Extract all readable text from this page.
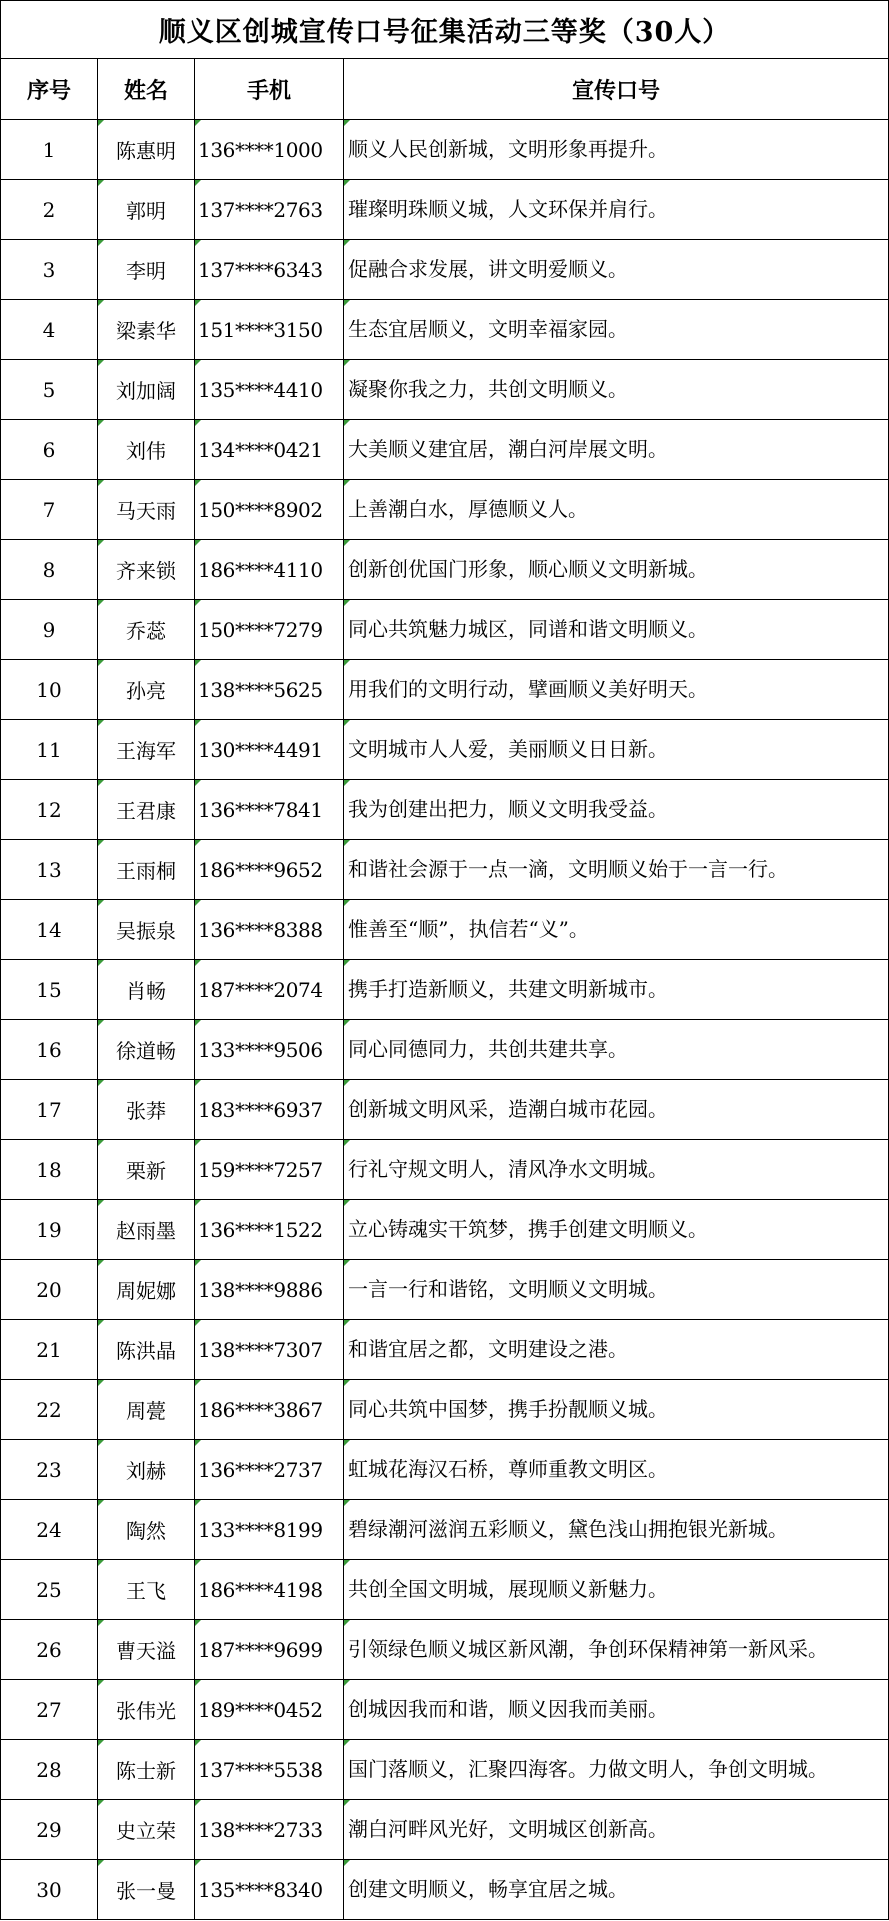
顺义区创城宣传口号征集活动三等奖（30人）			
序号	姓名	手机	宣传口号
1	陈惠明	136****1000	顺义人民创新城，文明形象再提升。
2	郭明	137****2763	璀璨明珠顺义城，人文环保并肩行。
3	李明	137****6343	促融合求发展，讲文明爱顺义。
4	梁素华	151****3150	生态宜居顺义，文明幸福家园。
5	刘加阔	135****4410	凝聚你我之力，共创文明顺义。
6	刘伟	134****0421	大美顺义建宜居，潮白河岸展文明。
7	马天雨	150****8902	上善潮白水，厚德顺义人。
8	齐来锁	186****4110	创新创优国门形象，顺心顺义文明新城。
9	乔蕊	150****7279	同心共筑魅力城区，同谱和谐文明顺义。
10	孙亮	138****5625	用我们的文明行动，擘画顺义美好明天。
11	王海军	130****4491	文明城市人人爱，美丽顺义日日新。
12	王君康	136****7841	我为创建出把力，顺义文明我受益。
13	王雨桐	186****9652	和谐社会源于一点一滴，文明顺义始于一言一行。
14	吴振泉	136****8388	惟善至“顺”，执信若“义”。
15	肖畅	187****2074	携手打造新顺义，共建文明新城市。
16	徐道畅	133****9506	同心同德同力，共创共建共享。
17	张莽	183****6937	创新城文明风采，造潮白城市花园。
18	栗新	159****7257	行礼守规文明人，清风净水文明城。
19	赵雨墨	136****1522	立心铸魂实干筑梦，携手创建文明顺义。
20	周妮娜	138****9886	一言一行和谐铭，文明顺义文明城。
21	陈洪晶	138****7307	和谐宜居之都，文明建设之港。
22	周甍	186****3867	同心共筑中国梦，携手扮靓顺义城。
23	刘赫	136****2737	虹城花海汉石桥，尊师重教文明区。
24	陶然	133****8199	碧绿潮河滋润五彩顺义，黛色浅山拥抱银光新城。
25	王飞	186****4198	共创全国文明城，展现顺义新魅力。
26	曹天溢	187****9699	引领绿色顺义城区新风潮，争创环保精神第一新风采。
27	张伟光	189****0452	创城因我而和谐，顺义因我而美丽。
28	陈士新	137****5538	国门落顺义，汇聚四海客。力做文明人，争创文明城。
29	史立荣	138****2733	潮白河畔风光好，文明城区创新高。
30	张一曼	135****8340	创建文明顺义，畅享宜居之城。
